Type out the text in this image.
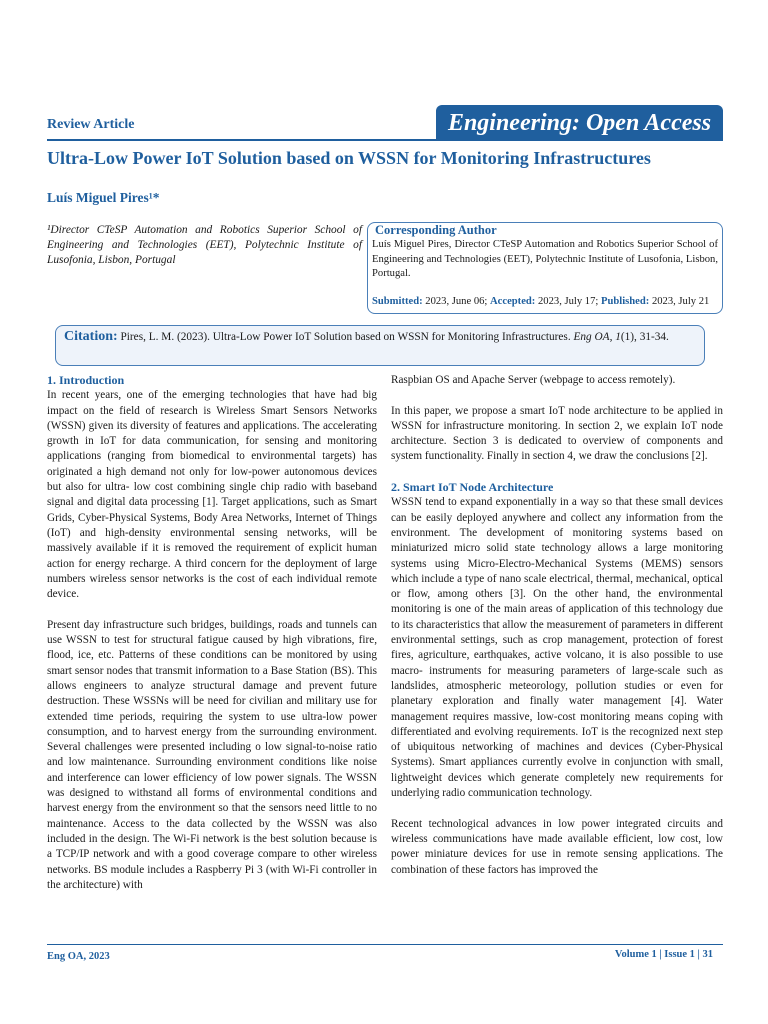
Review Article	Engineering: Open Access
Ultra-Low Power IoT Solution based on WSSN for Monitoring Infrastructures
Luís Miguel Pires¹*
¹Director CTeSP Automation and Robotics Superior School of Engineering and Technologies (EET), Polytechnic Institute of Lusofonia, Lisbon, Portugal
Corresponding Author
Luís Miguel Pires, Director CTeSP Automation and Robotics Superior School of Engineering and Technologies (EET), Polytechnic Institute of Lusofonia, Lisbon, Portugal.
Submitted: 2023, June 06; Accepted: 2023, July 17; Published: 2023, July 21
Citation: Pires, L. M. (2023). Ultra-Low Power IoT Solution based on WSSN for Monitoring Infrastructures. Eng OA, 1(1), 31-34.
1. Introduction

In recent years, one of the emerging technologies that have had big impact on the field of research is Wireless Smart Sensors Networks (WSSN) given its diversity of features and applications. The accelerating growth in IoT for data communication, for sensing and monitoring applications (ranging from biomedical to environmental targets) has originated a high demand not only for low-power autonomous devices but also for ultra- low cost combining single chip radio with baseband signal and digital data processing [1]. Target applications, such as Smart Grids, Cyber-Physical Systems, Body Area Networks, Internet of Things (IoT) and high-density environmental sensing networks, will be massively available if it is removed the requirement of explicit human action for energy recharge. A third concern for the deployment of large numbers wireless sensor networks is the cost of each individual remote device.

Present day infrastructure such bridges, buildings, roads and tunnels can use WSSN to test for structural fatigue caused by high vibrations, fire, flood, ice, etc. Patterns of these conditions can be monitored by using smart sensor nodes that transmit information to a Base Station (BS). This allows engineers to analyze structural damage and prevent future destruction. These WSSNs will be need for civilian and military use for extended time periods, requiring the system to use ultra-low power consumption, and to harvest energy from the surrounding environment. Several challenges were presented including o low signal-to-noise ratio and low maintenance. Surrounding environment conditions like noise and interference can lower efficiency of low power signals. The WSSN was designed to withstand all forms of environmental conditions and harvest energy from the environment so that the sensors need little to no maintenance. Access to the data collected by the WSSN was also included in the design. The Wi-Fi network is the best solution because is a TCP/IP network and with a good coverage compare to other wireless networks. BS module includes a Raspberry Pi 3 (with Wi-Fi controller in the architecture) with

Raspbian OS and Apache Server (webpage to access remotely).

In this paper, we propose a smart IoT node architecture to be applied in WSSN for infrastructure monitoring. In section 2, we explain IoT node architecture. Section 3 is dedicated to overview of components and system functionality. Finally in section 4, we draw the conclusions [2].

2. Smart IoT Node Architecture

WSSN tend to expand exponentially in a way so that these small devices can be easily deployed anywhere and collect any information from the environment. The development of monitoring systems based on miniaturized micro solid state technology allows a large monitoring systems using Micro-Electro-Mechanical Systems (MEMS) sensors which include a type of nano scale electrical, thermal, mechanical, optical or flow, among others [3]. On the other hand, the environmental monitoring is one of the main areas of application of this technology due to its characteristics that allow the measurement of parameters in different environmental settings, such as crop management, protection of forest fires, agriculture, earthquakes, active volcano, it is also possible to use macro- instruments for measuring parameters of large-scale such as landslides, atmospheric meteorology, pollution studies or even for planetary exploration and finally water management [4]. Water management requires massive, low-cost monitoring means coping with differentiated and evolving requirements. IoT is the recognized next step of ubiquitous networking of machines and devices (Cyber-Physical Systems). Smart appliances currently evolve in conjunction with small, lightweight devices which generate completely new requirements for underlying radio communication technology.

Recent technological advances in low power integrated circuits and wireless communications have made available efficient, low cost, low power miniature devices for use in remote sensing applications. The combination of these factors has improved the

Eng OA, 2023	Volume 1 | Issue 1 | 31
